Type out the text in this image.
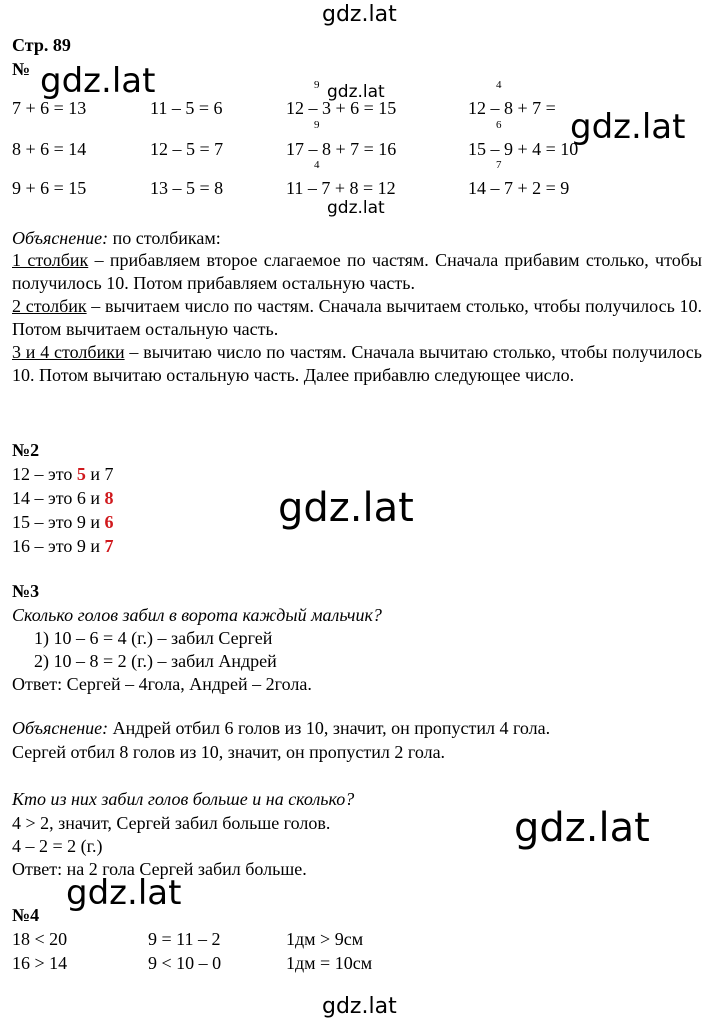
gdz.lat
gdz.lat	gdz.lat
gdz.lat
gdz.lat
gdz.lat
gdz.lat
gdz.lat
gdz.lat
Стр. 89
№
7 + 6 = 13
8 + 6 = 14
9 + 6 = 15
11 – 5 = 6
12 – 5 = 7
13 – 5 = 8
9
9
4
12 – 3 + 6 = 15
17 – 8 + 7 = 16
11 – 7 + 8 = 12
4
6
7
12 – 8 + 7 =
15 – 9 + 4 = 10
14 – 7 + 2 = 9
Объяснение: по столбикам:
1 столбик – прибавляем второе слагаемое по частям. Сначала прибавим столько, чтобы получилось 10. Потом прибавляем остальную часть.
2 столбик – вычитаем число по частям. Сначала вычитаем столько, чтобы получилось 10. Потом вычитаем остальную часть.
3 и 4 столбики – вычитаю число по частям. Сначала вычитаю столько, чтобы получилось 10. Потом вычитаю остальную часть. Далее прибавлю следующее число.
№2
12 – это 5 и 7
14 – это 6 и 8
15 – это 9 и 6
16 – это 9 и 7
№3
Сколько голов забил в ворота каждый мальчик?
1) 10 – 6 = 4 (г.) – забил Сергей
2) 10 – 8 = 2 (г.) – забил Андрей
Ответ: Сергей – 4гола, Андрей – 2гола.
Объяснение: Андрей отбил 6 голов из 10, значит, он пропустил 4 гола.
Сергей отбил 8 голов из 10, значит, он пропустил 2 гола.
Кто из них забил голов больше и на сколько?
4 > 2, значит, Сергей забил больше голов.
4 – 2 = 2 (г.)
Ответ: на 2 гола Сергей забил больше.
№4
18 < 20
16 > 14
9 = 11 – 2
9 < 10 – 0
1дм > 9см
1дм = 10см
